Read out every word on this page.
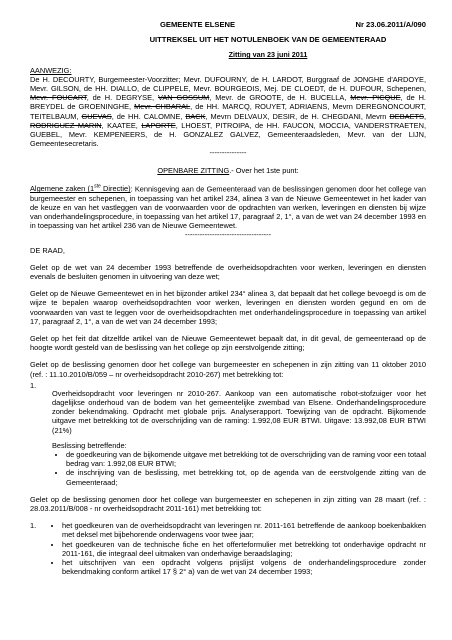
GEMEENTE ELSENE	Nr 23.06.2011/A/090
UITTREKSEL UIT HET NOTULENBOEK VAN DE GEMEENTERAAD
Zitting van 23 juni 2011
AANWEZIG:

De H. DECOURTY, Burgemeester-Voorzitter; Mevr. DUFOURNY, de H. LARDOT, Burggraaf de JONGHE d'ARDOYE, Mevr. GILSON, de HH. DIALLO, de CLIPPELE, Mevr. BOURGEOIS, Mej. DE CLOEDT, de H. DUFOUR, Schepenen, Mevr. FOUCART, de H. DEGRYSE, VAN GOSSUM, Mevr. de GROOTE, de H. BUCELLA, Mevr. PICQUE, de H. BREYDEL de GROENINGHE, Mevr. CHBARAL, de HH. MARCQ, ROUYET, ADRIAENS, Mevrn DEREGNONCOURT, TEITELBAUM, GUEVAS, de HH. CALOMNE, BACK, Mevrn DELVAUX, DESIR, de H. CHEGDANI, Mevrn DEBAETS, RODRIGUEZ MARIN, KAATEE, LAPORTE, LHOEST, PITROIPA, de HH. FAUCON, MOCCIA, VANDERSTRAETEN, GUEBEL, Mevr. KEMPENEERS, de H. GONZALEZ GALVEZ, Gemeenteraadsleden, Mevr. van der LIJN, Gemeentesecretaris.

---------------

OPENBARE ZITTING.- Over het 1ste punt:

Algemene zaken (1ste Directie): Kennisgeving aan de Gemeenteraad van de beslissingen genomen door het college van burgemeester en schepenen, in toepassing van het artikel 234, alinea 3 van de Nieuwe Gemeentewet in het kader van de keuze en van het vastleggen van de voorwaarden voor de opdrachten van werken, leveringen en diensten bij wijze van onderhandelingsprocedure, in toepassing van het artikel 17, paragraaf 2, 1°, a van de wet van 24 december 1993 en in toepassing van het artikel 236 van de Nieuwe Gemeentewet.

-----------------------------------

DE RAAD,

Gelet op de wet van 24 december 1993 betreffende de overheidsopdrachten voor werken, leveringen en diensten evenals de besluiten genomen in uitvoering van deze wet;

Gelet op de Nieuwe Gemeentewet en in het bijzonder artikel 234° alinea 3, dat bepaalt dat het college bevoegd is om de wijze te bepalen waarop overheidsopdrachten voor werken, leveringen en diensten worden gegund en om de voorwaarden van vast te leggen voor de overheidsopdrachten met onderhandelingsprocedure in toepassing van artikel 17, paragraaf 2, 1°, a van de wet van 24 december 1993;

Gelet op het feit dat ditzelfde artikel van de Nieuwe Gemeentewet bepaalt dat, in dit geval, de gemeenteraad op de hoogte wordt gesteld van de beslissing van het college op zijn eerstvolgende zitting;

Gelet op de beslissing genomen door het college van burgemeester en schepenen in zijn zitting van 11 oktober 2010 (ref. : 11.10.2010/B/059 – nr overheidsopdracht 2010-267) met betrekking tot:

1.

Overheidsopdracht voor leveringen nr 2010-267. Aankoop van een automatische robot-stofzuiger voor het dagelijkse onderhoud van de bodem van het gemeentelijke zwembad van Elsene. Onderhandelingsprocedure zonder bekendmaking. Opdracht met globale prijs. Analyserapport. Toewijzing van de opdracht. Bijkomende uitgave met betrekking tot de overschrijding van de raming: 1.992,08 EUR BTWI. Uitgave: 13.992,08 EUR BTWI (21%)

Beslissing betreffende:

• de goedkeuring van de bijkomende uitgave met betrekking tot de overschrijding van de raming voor een totaal bedrag van: 1.992,08 EUR BTWI;
• de inschrijving van de beslissing, met betrekking tot, op de agenda van de eerstvolgende zitting van de Gemeenteraad;

Gelet op de beslissing genomen door het college van burgemeester en schepenen in zijn zitting van 28 maart (ref. : 28.03.2011/B/008 - nr overheidsopdracht 2011-161) met betrekking tot:

1.
•	het goedkeuren van de overheidsopdracht van leveringen nr. 2011-161 betreffende de aankoop boekenbakken met deksel met bijbehorende onderwagens voor twee jaar;
• het goedkeuren van de technische fiche en het offerteformulier met betrekking tot onderhavige opdracht nr 2011-161, die integraal deel uitmaken van onderhavige beraadslaging;
• het uitschrijven van een opdracht volgens prijslijst volgens de onderhandelingsprocedure zonder bekendmaking conform artikel 17 § 2° a) van de wet van 24 december 1993;
